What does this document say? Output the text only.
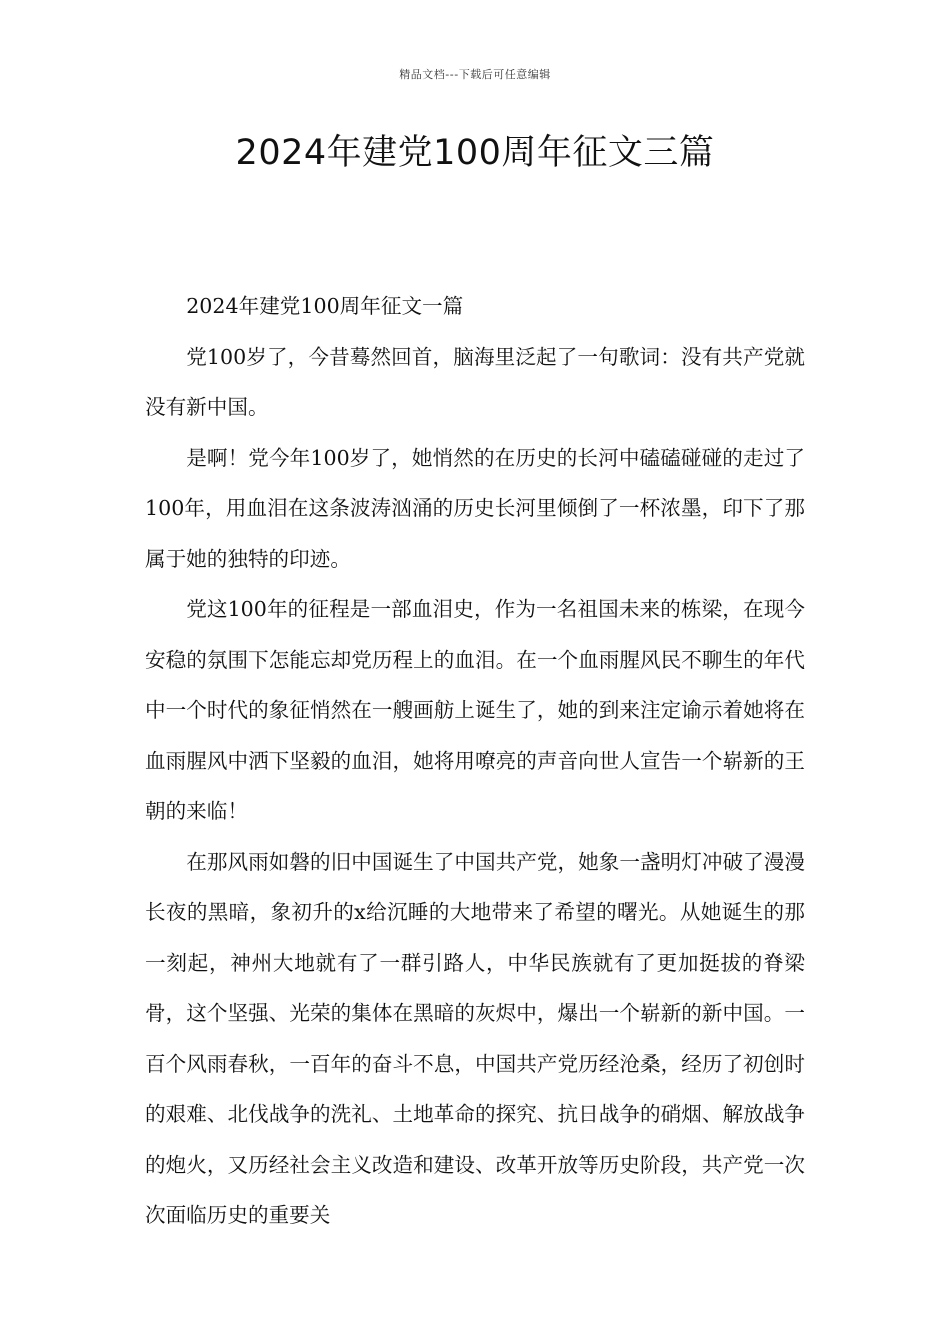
精品文档---下载后可任意编辑
2024年建党100周年征文三篇

2024年建党100周年征文一篇

党100岁了，今昔蓦然回首，脑海里泛起了一句歌词：没有共产党就没有新中国。

是啊！党今年100岁了，她悄然的在历史的长河中磕磕碰碰的走过了100年，用血泪在这条波涛汹涌的历史长河里倾倒了一杯浓墨，印下了那属于她的独特的印迹。

党这100年的征程是一部血泪史，作为一名祖国未来的栋梁，在现今安稳的氛围下怎能忘却党历程上的血泪。在一个血雨腥风民不聊生的年代中一个时代的象征悄然在一艘画舫上诞生了，她的到来注定谕示着她将在血雨腥风中洒下坚毅的血泪，她将用嘹亮的声音向世人宣告一个崭新的王朝的来临！

在那风雨如磐的旧中国诞生了中国共产党，她象一盏明灯冲破了漫漫长夜的黑暗，象初升的x给沉睡的大地带来了希望的曙光。从她诞生的那一刻起，神州大地就有了一群引路人，中华民族就有了更加挺拔的脊梁骨，这个坚强、光荣的集体在黑暗的灰烬中，爆出一个崭新的新中国。一百个风雨春秋，一百年的奋斗不息，中国共产党历经沧桑，经历了初创时的艰难、北伐战争的洗礼、土地革命的探究、抗日战争的硝烟、解放战争的炮火，又历经社会主义改造和建设、改革开放等历史阶段，共产党一次次面临历史的重要关
